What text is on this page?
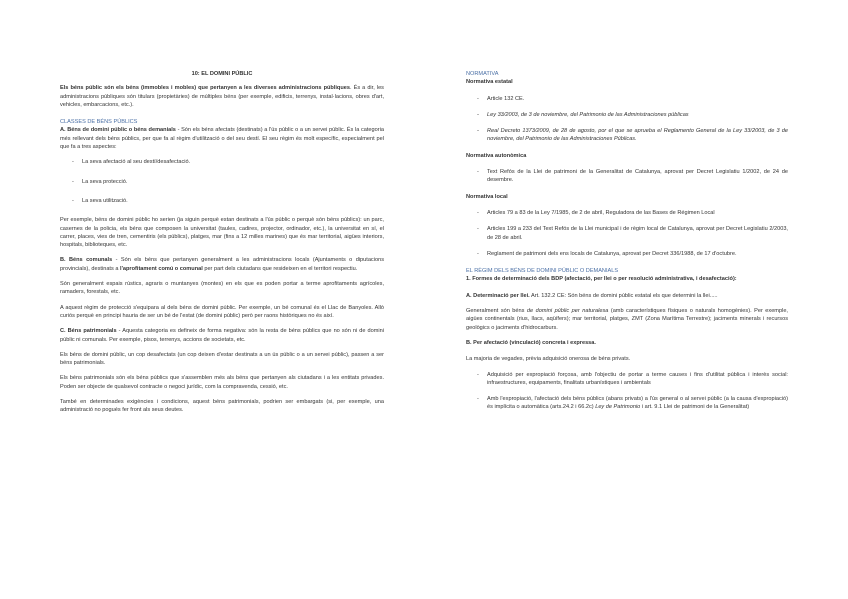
10: EL DOMINI PÚBLIC

Els béns públic són els béns (immobles i mobles) que pertanyen a les diverses administracions públiques. És a dir, les administracions públiques són titulars (propietàries) de múltiples béns (per exemple, edificis, terrenys, instal·lacions, obres d'art, vehicles, embarcacions, etc.).

CLASSES DE BÉNS PÚBLICS

A. Béns de domini públic o béns demanials - Són els béns afectats (destinats) a l'ús públic o a un servei públic. És la categoria més rellevant dels béns públics, per que fa al règim d'utilització o del seu destí. El seu règim és molt específic, especialment pel que fa a tres aspectes:

- La seva afectació al seu destí/desafectació.
- La seva protecció.
- La seva utilització.

Per exemple, béns de domini públic ho serien (ja siguin perquè estan destinats a l'ús públic o perquè són béns públics): un parc, casernes de la policia, els béns que composen la universitat (taules, cadires, projector, ordinador, etc.), la universitat en sí, el carrer, places, vies de tren, cementiris (els públics), platges, mar (fins a 12 milles marines) que és mar territorial, aigües interiors, hospitals, biblioteques, etc.

B. Béns comunals - Són els béns que pertanyen generalment a les administracions locals (Ajuntaments o diputacions provincials), destinats a l'aprofitament comú o comunal per part dels ciutadans que resideixen en el territori respectiu.

Són generalment espais rústics, agraris o muntanyes (montes) en els que es poden portar a terme aprofitaments agrícoles, ramaders, forestals, etc.

A aquest règim de protecció s'equipara al dels béns de domini públic. Per exemple, un bé comunal és el Llac de Banyoles. Allò curiós perquè en principi hauria de ser un bé de l'estat (de domini públic) però per raons històriques no és així.

C. Béns patrimonials - Aquesta categoria es defineix de forma negativa: són la resta de béns públics que no són ni de domini públic ni comunals. Per exemple, pisos, terrenys, accions de societats, etc.

Els béns de domini públic, un cop desafectats (un cop deixen d'estar destinats a un ús públic o a un servei públic), passen a ser béns patrimonials.

Els béns patrimonials són els béns públics que s'assemblen més als béns que pertanyen als ciutadans i a les entitats privades. Poden ser objecte de qualsevol contracte o negoci jurídic, com la compravenda, cessió, etc.

També en determinades exigències i condicions, aquest béns patrimonials, podrien ser embargats (si, per exemple, una administració no pogués fer front als seus deutes.

NORMATIVA

Normativa estatal

- Article 132 CE.
- Ley 33/2003, de 3 de noviembre, del Patrimonio de las Administraciones públicas
- Real Decreto 1373/2009, de 28 de agosto, por el que se aprueba el Reglamento General de la Ley 33/2003, de 3 de noviembre, del Patrimonio de las Administraciones Públicas.

Normativa autonòmica

- Text Refós de la Llei de patrimoni de la Generalitat de Catalunya, aprovat per Decret Legislatiu 1/2002, de 24 de desembre.

Normativa local

- Articles 79 a 83 de la Ley 7/1985, de 2 de abril, Reguladora de las Bases de Régimen Local
- Articles 199 a 233 del Text Refós de la Llei municipal i de règim local de Catalunya, aprovat per Decret Legislatiu 2/2003, de 28 de abril.
- Reglament de patrimoni dels ens locals de Catalunya, aprovat per Decret 336/1988, de 17 d'octubre.

EL RÈGIM DELS BÉNS DE DOMINI PÚBLIC O DEMANIALS

1. Formes de determinació dels BDP (afectació, per llei o per resolució administrativa, i desafectació):

A. Determinació per llei. Art. 132.2 CE: Són béns de domini públic estatal els que determini la llei.....

Generalment són béns de domini públic per naturalesa (amb característiques físiques o naturals homogènies). Per exemple, aigües continentals (rius, llacs, aqüífers); mar territorial, platges, ZMT (Zona Marítima Terrestre); jaciments minerals i recursos geològics o jaciments d'hidrocarburs.

B. Per afectació (vinculació) concreta i expressa.

La majoria de vegades, prèvia adquisició onerosa de béns privats.

- Adquisició per expropiació forçosa, amb l'objectiu de portar a terme causes i fins d'utilitat pública i interès social: infraestructures, equipaments, finalitats urbanístiques i ambientals
- Amb l'expropiació, l'afectació dels béns públics (abans privats) a l'ús general o al servei públic (a la causa d'expropiació) és implícita o automàtica (arts.24.2 i 66.2c) Ley de Patrimonio i art. 9.1 Llei de patrimoni de la Generalitat)
